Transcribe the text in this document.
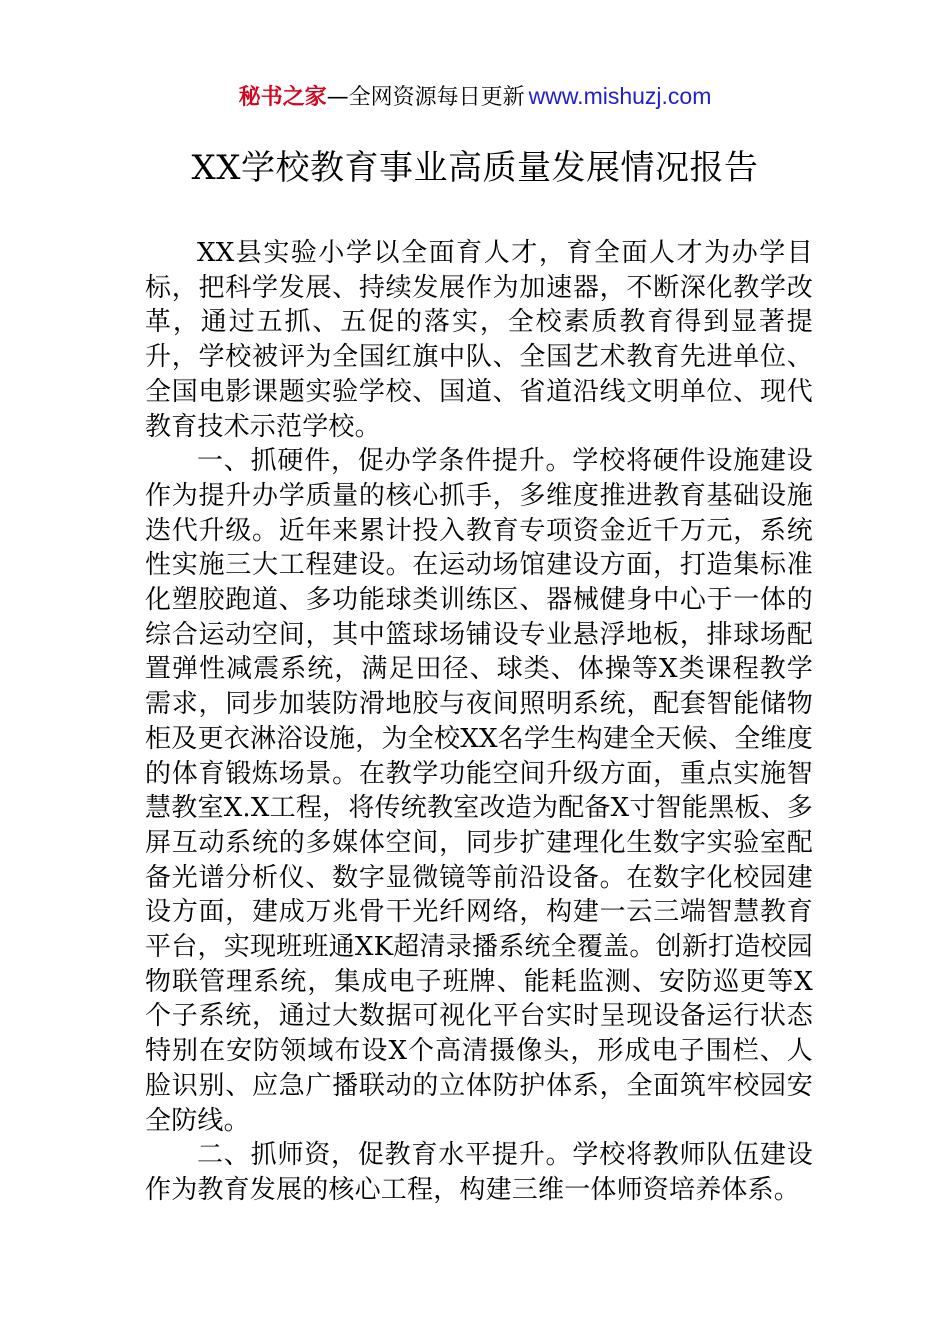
秘书之家—全网资源每日更新 www.mishuzj.com
XX学校教育事业高质量发展情况报告

XX县实验小学以全面育人才，育全面人才为办学目标，把科学发展、持续发展作为加速器，不断深化教学改革，通过五抓、五促的落实，全校素质教育得到显著提升，学校被评为全国红旗中队、全国艺术教育先进单位、全国电影课题实验学校、国道、省道沿线文明单位、现代教育技术示范学校。

一、抓硬件，促办学条件提升。学校将硬件设施建设作为提升办学质量的核心抓手，多维度推进教育基础设施迭代升级。近年来累计投入教育专项资金近千万元，系统性实施三大工程建设。在运动场馆建设方面，打造集标准化塑胶跑道、多功能球类训练区、器械健身中心于一体的综合运动空间，其中篮球场铺设专业悬浮地板，排球场配置弹性减震系统，满足田径、球类、体操等X类课程教学需求，同步加装防滑地胶与夜间照明系统，配套智能储物柜及更衣淋浴设施，为全校XX名学生构建全天候、全维度的体育锻炼场景。在教学功能空间升级方面，重点实施智慧教室X.X工程，将传统教室改造为配备X寸智能黑板、多屏互动系统的多媒体空间，同步扩建理化生数字实验室配备光谱分析仪、数字显微镜等前沿设备。在数字化校园建设方面，建成万兆骨干光纤网络，构建一云三端智慧教育平台，实现班班通XK超清录播系统全覆盖。创新打造校园物联管理系统，集成电子班牌、能耗监测、安防巡更等X个子系统，通过大数据可视化平台实时呈现设备运行状态特别在安防领域布设X个高清摄像头，形成电子围栏、人脸识别、应急广播联动的立体防护体系，全面筑牢校园安全防线。

二、抓师资，促教育水平提升。学校将教师队伍建设作为教育发展的核心工程，构建三维一体师资培养体系。
